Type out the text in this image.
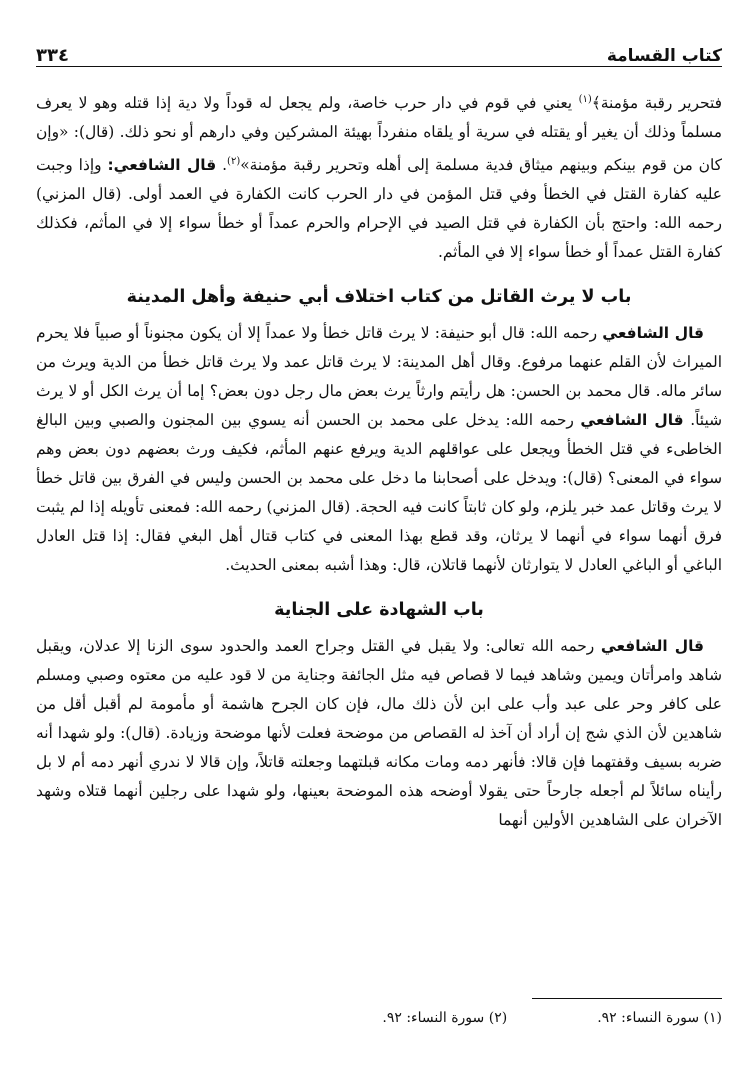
كتاب القسامة
٣٣٤

فتحرير رقبة مؤمنة﴾$^{(١)}$ يعني في قوم في دار حرب خاصة، ولم يجعل له قوداً ولا دية إذا قتله وهو لا يعرف مسلماً وذلك أن يغير أو يقتله في سرية أو يلقاه منفرداً بهيئة المشركين وفي دارهم أو نحو ذلك. (قال): «وإن كان من قوم بينكم وبينهم ميثاق فدية مسلمة إلى أهله وتحرير رقبة مؤمنة»$^{(٢)}$. قال الشافعي: وإذا وجبت عليه كفارة القتل في الخطأ وفي قتل المؤمن في دار الحرب كانت الكفارة في العمد أولى. (قال المزني) رحمه الله: واحتج بأن الكفارة في قتل الصيد في الإحرام والحرم عمداً أو خطأ سواء إلا في المأثم، فكذلك كفارة القتل عمداً أو خطأ سواء إلا في المأثم.

باب لا يرث القاتل من كتاب اختلاف أبي حنيفة وأهل المدينة

قال الشافعي رحمه الله: قال أبو حنيفة: لا يرث قاتل خطأ ولا عمداً إلا أن يكون مجنوناً أو صبياً فلا يحرم الميراث لأن القلم عنهما مرفوع. وقال أهل المدينة: لا يرث قاتل عمد ولا يرث قاتل خطأ من الدية ويرث من سائر ماله. قال محمد بن الحسن: هل رأيتم وارثاً يرث بعض مال رجل دون بعض؟ إما أن يرث الكل أو لا يرث شيئاً. قال الشافعي رحمه الله: يدخل على محمد بن الحسن أنه يسوي بين المجنون والصبي وبين البالغ الخاطىء في قتل الخطأ ويجعل على عواقلهم الدية ويرفع عنهم المأثم، فكيف ورث بعضهم دون بعض وهم سواء في المعنى؟ (قال): ويدخل على أصحابنا ما دخل على محمد بن الحسن وليس في الفرق بين قاتل خطأ لا يرث وقاتل عمد خبر يلزم، ولو كان ثابتاً كانت فيه الحجة. (قال المزني) رحمه الله: فمعنى تأويله إذا لم يثبت فرق أنهما سواء في أنهما لا يرثان، وقد قطع بهذا المعنى في كتاب قتال أهل البغي فقال: إذا قتل العادل الباغي أو الباغي العادل لا يتوارثان لأنهما قاتلان، قال: وهذا أشبه بمعنى الحديث.

باب الشهادة على الجناية

قال الشافعي رحمه الله تعالى: ولا يقبل في القتل وجراح العمد والحدود سوى الزنا إلا عدلان، ويقبل شاهد وامرأتان ويمين وشاهد فيما لا قصاص فيه مثل الجائفة وجناية من لا قود عليه من معتوه وصبي ومسلم على كافر وحر على عبد وأب على ابن لأن ذلك مال، فإن كان الجرح هاشمة أو مأمومة لم أقبل أقل من شاهدين لأن الذي شج إن أراد أن آخذ له القصاص من موضحة فعلت لأنها موضحة وزيادة. (قال): ولو شهدا أنه ضربه بسيف وقفتهما فإن قالا: فأنهر دمه ومات مكانه قبلتهما وجعلته قاتلاً، وإن قالا لا ندري أنهر دمه أم لا بل رأيناه سائلاً لم أجعله جارحاً حتى يقولا أوضحه هذه الموضحة بعينها، ولو شهدا على رجلين أنهما قتلاه وشهد الآخران على الشاهدين الأولين أنهما

(١) سورة النساء: ٩٢.
(٢) سورة النساء: ٩٢.
